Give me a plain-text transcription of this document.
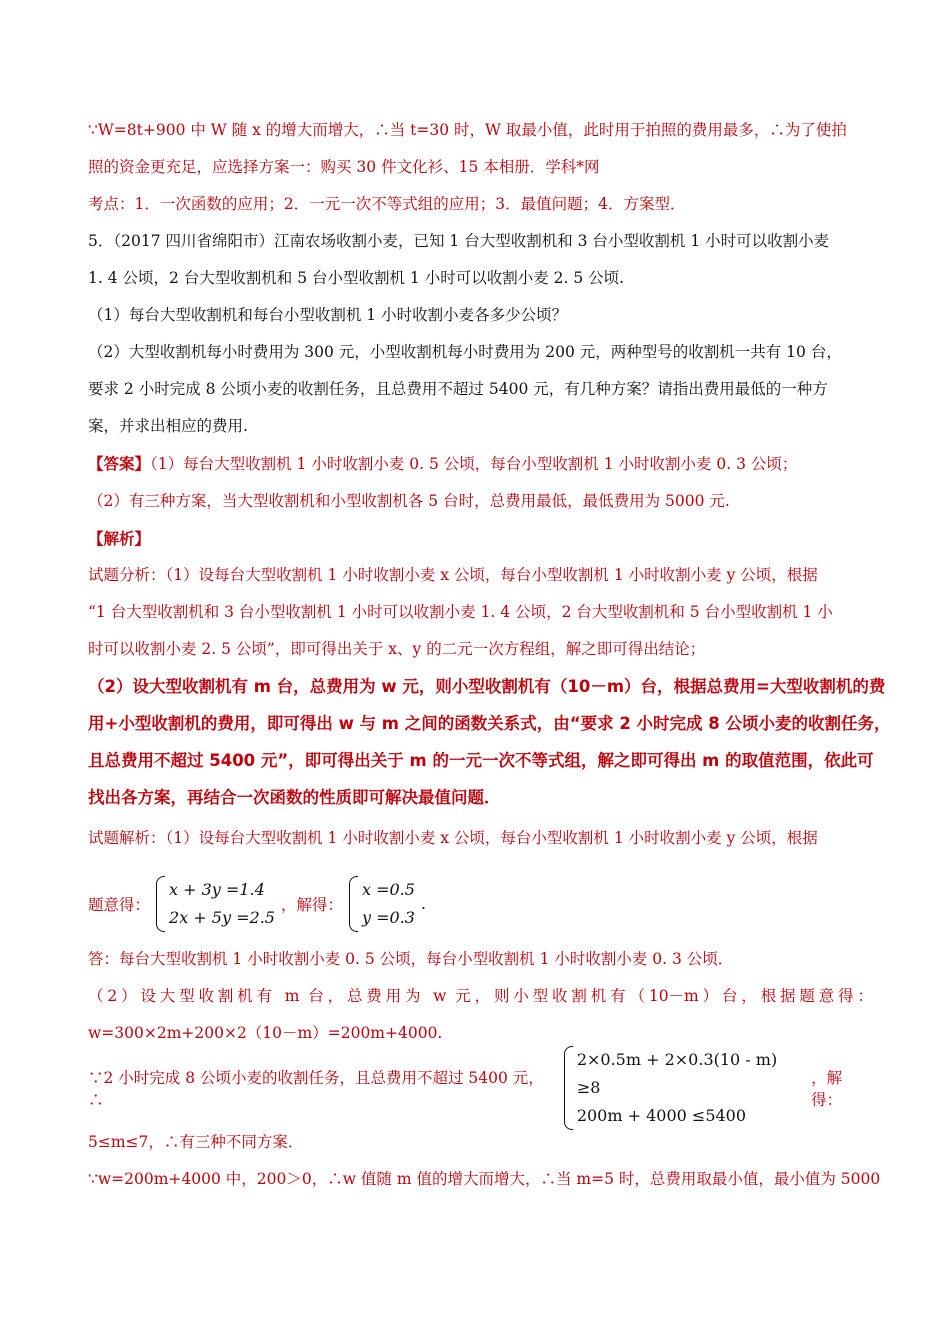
∵W=8t+900 中 W 随 x 的增大而增大，∴当 t=30 时，W 取最小值，此时用于拍照的费用最多，∴为了使拍

照的资金更充足，应选择方案一：购买 30 件文化衫、15 本相册．学科*网

考点：1．一次函数的应用；2．一元一次不等式组的应用；3．最值问题；4．方案型．

5．（2017 四川省绵阳市）江南农场收割小麦，已知 1 台大型收割机和 3 台小型收割机 1 小时可以收割小麦

1. 4 公顷，2 台大型收割机和 5 台小型收割机 1 小时可以收割小麦 2. 5 公顷.

（1）每台大型收割机和每台小型收割机 1 小时收割小麦各多少公顷？

（2）大型收割机每小时费用为 300 元，小型收割机每小时费用为 200 元，两种型号的收割机一共有 10 台，

要求 2 小时完成 8 公顷小麦的收割任务，且总费用不超过 5400 元，有几种方案？请指出费用最低的一种方

案，并求出相应的费用.

【答案】（1）每台大型收割机 1 小时收割小麦 0. 5 公顷，每台小型收割机 1 小时收割小麦 0. 3 公顷；

（2）有三种方案，当大型收割机和小型收割机各 5 台时，总费用最低，最低费用为 5000 元.

【解析】

试题分析：（1）设每台大型收割机 1 小时收割小麦 x 公顷，每台小型收割机 1 小时收割小麦 y 公顷，根据

“1 台大型收割机和 3 台小型收割机 1 小时可以收割小麦 1. 4 公顷，2 台大型收割机和 5 台小型收割机 1 小

时可以收割小麦 2. 5 公顷”，即可得出关于 x、y 的二元一次方程组，解之即可得出结论；

（2）设大型收割机有 m 台，总费用为 w 元，则小型收割机有（10－m）台，根据总费用=大型收割机的费

用+小型收割机的费用，即可得出 w 与 m 之间的函数关系式，由“要求 2 小时完成 8 公顷小麦的收割任务，

且总费用不超过 5400 元”，即可得出关于 m 的一元一次不等式组，解之即可得出 m 的取值范围，依此可

找出各方案，再结合一次函数的性质即可解决最值问题．

试题解析：（1）设每台大型收割机 1 小时收割小麦 x 公顷，每台小型收割机 1 小时收割小麦 y 公顷，根据

题意得：
x + 3y =1.4
2x + 5y =2.5
，解得：
x =0.5
y =0.3
.

答：每台大型收割机 1 小时收割小麦 0. 5 公顷，每台小型收割机 1 小时收割小麦 0. 3 公顷．

（2）设大型收割机有 m 台，总费用为 w 元，则小型收割机有（10－m）台，根据题意得：

w=300×2m+200×2（10－m）=200m+4000.

∵2 小时完成 8 公顷小麦的收割任务，且总费用不超过 5400 元，∴
2×0.5m + 2×0.3(10 - m) ≥8
200m + 4000 ≤5400
，解得：

5≤m≤7，∴有三种不同方案．

∵w=200m+4000 中，200＞0，∴w 值随 m 值的增大而增大，∴当 m=5 时，总费用取最小值，最小值为 5000
